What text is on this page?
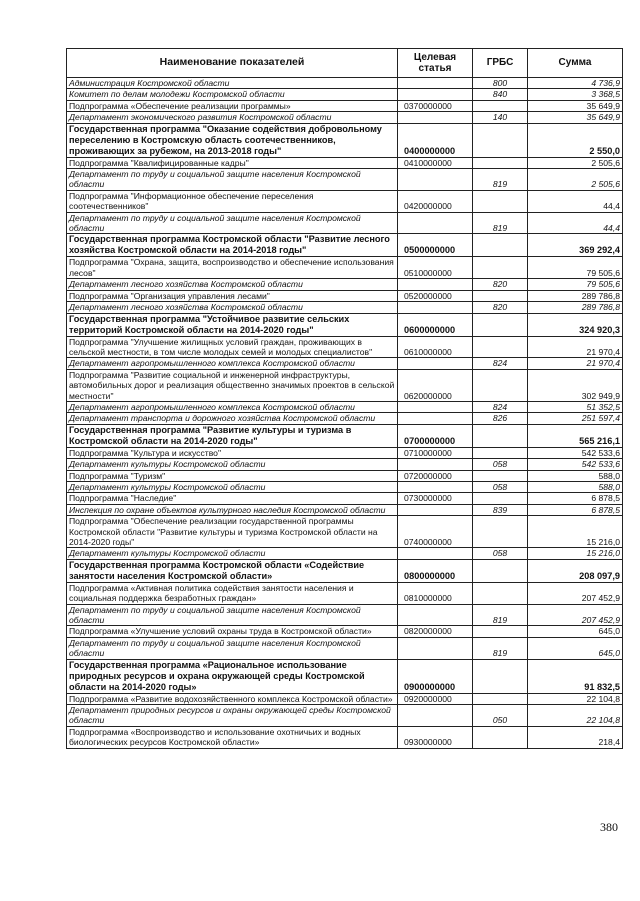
Наименование показателей	Целевая статья	ГРБС	Сумма
Администрация Костромской области		800	4 736,9
Комитет по делам молодежи Костромской области		840	3 368,5
Подпрограмма «Обеспечение реализации программы»	0370000000		35 649,9
Департамент экономического развития Костромской области		140	35 649,9
Государственная программа "Оказание содействия добровольному переселению в Костромскую область соотечественников, проживающих за рубежом, на 2013-2018 годы"	0400000000		2 550,0
Подпрограмма "Квалифицированные кадры"	0410000000		2 505,6
Департамент по труду и социальной защите населения Костромской области		819	2 505,6
Подпрограмма "Информационное обеспечение переселения соотечественников"	0420000000		44,4
Департамент по труду и социальной защите населения Костромской области		819	44,4
Государственная программа Костромской области "Развитие лесного хозяйства Костромской области на 2014-2018 годы"	0500000000		369 292,4
Подпрограмма "Охрана, защита, воспроизводство и обеспечение использования лесов"	0510000000		79 505,6
Департамент лесного хозяйства Костромской области		820	79 505,6
Подпрограмма "Организация управления лесами"	0520000000		289 786,8
Департамент лесного хозяйства Костромской области		820	289 786,8
Государственная программа "Устойчивое развитие сельских территорий Костромской области на 2014-2020 годы"	0600000000		324 920,3
Подпрограмма "Улучшение жилищных условий граждан, проживающих в сельской местности, в том числе молодых семей и молодых специалистов"	0610000000		21 970,4
Департамент агропромышленного комплекса Костромской области		824	21 970,4
Подпрограмма "Развитие социальной и инженерной инфраструктуры, автомобильных дорог и реализация общественно значимых проектов в сельской местности"	0620000000		302 949,9
Департамент агропромышленного комплекса Костромской области		824	51 352,5
Департамент транспорта и дорожного хозяйства Костромской области		826	251 597,4
Государственная программа "Развитие культуры и туризма в Костромской области на 2014-2020 годы"	0700000000		565 216,1
Подпрограмма "Культура и искусство"	0710000000		542 533,6
Департамент культуры Костромской области		058	542 533,6
Подпрограмма "Туризм"	0720000000		588,0
Департамент культуры Костромской области		058	588,0
Подпрограмма "Наследие"	0730000000		6 878,5
Инспекция по охране объектов культурного наследия Костромской области		839	6 878,5
Подпрограмма "Обеспечение реализации государственной программы Костромской области "Развитие культуры и туризма Костромской области на 2014-2020 годы"	0740000000		15 216,0
Департамент культуры Костромской области		058	15 216,0
Государственная программа Костромской области «Содействие занятости населения Костромской области»	0800000000		208 097,9
Подпрограмма «Активная политика содействия занятости населения и социальная поддержка безработных граждан»	0810000000		207 452,9
Департамент по труду и социальной защите населения Костромской области		819	207 452,9
Подпрограмма «Улучшение условий охраны труда в Костромской области»	0820000000		645,0
Департамент по труду и социальной защите населения Костромской области		819	645,0
Государственная программа «Рациональное использование природных ресурсов и охрана окружающей среды Костромской области на 2014-2020 годы»	0900000000		91 832,5
Подпрограмма «Развитие водохозяйственного комплекса Костромской области»	0920000000		22 104,8
Департамент природных ресурсов и охраны окружающей среды Костромской области		050	22 104,8
Подпрограмма «Воспроизводство и использование охотничьих и водных биологических ресурсов Костромской области»	0930000000		218,4
380
